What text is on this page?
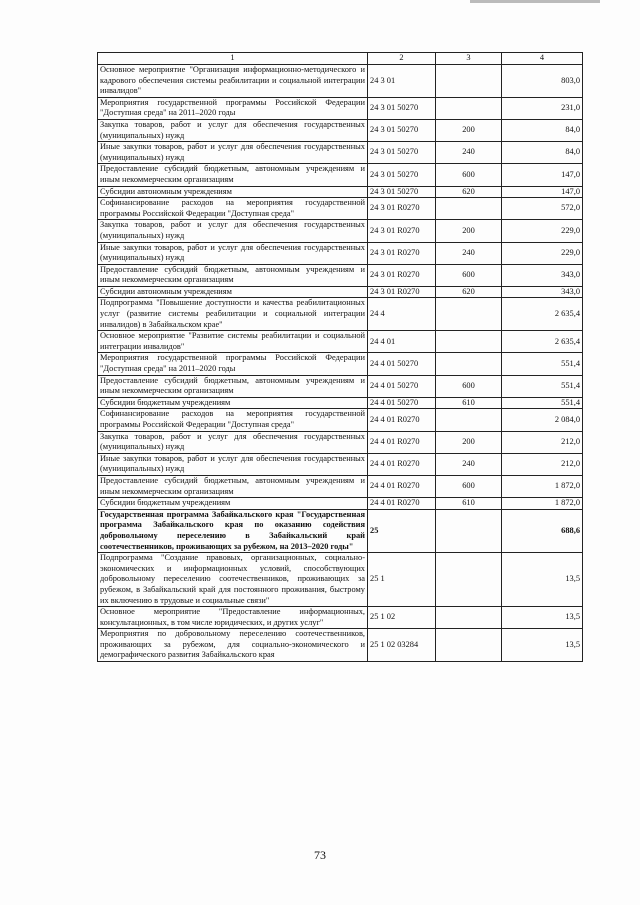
1	2	3	4
Основное мероприятие "Организация информационно-методического и кадрового обеспечения системы реабилитации и социальной интеграции инвалидов"	24 3 01		803,0
Мероприятия государственной программы Российской Федерации "Доступная среда" на 2011–2020 годы	24 3 01 50270		231,0
Закупка товаров, работ и услуг для обеспечения государственных (муниципальных) нужд	24 3 01 50270	200	84,0
Иные закупки товаров, работ и услуг для обеспечения государственных (муниципальных) нужд	24 3 01 50270	240	84,0
Предоставление субсидий бюджетным, автономным учреждениям и иным некоммерческим организациям	24 3 01 50270	600	147,0
Субсидии автономным учреждениям	24 3 01 50270	620	147,0
Софинансирование расходов на мероприятия государственной программы Российской Федерации "Доступная среда"	24 3 01 R0270		572,0
Закупка товаров, работ и услуг для обеспечения государственных (муниципальных) нужд	24 3 01 R0270	200	229,0
Иные закупки товаров, работ и услуг для обеспечения государственных (муниципальных) нужд	24 3 01 R0270	240	229,0
Предоставление субсидий бюджетным, автономным учреждениям и иным некоммерческим организациям	24 3 01 R0270	600	343,0
Субсидии автономным учреждениям	24 3 01 R0270	620	343,0
Подпрограмма "Повышение доступности и качества реабилитационных услуг (развитие системы реабилитации и социальной интеграции инвалидов) в Забайкальском крае"	24 4		2 635,4
Основное мероприятие "Развитие системы реабилитации и социальной интеграции инвалидов"	24 4 01		2 635,4
Мероприятия государственной программы Российской Федерации "Доступная среда" на 2011–2020 годы	24 4 01 50270		551,4
Предоставление субсидий бюджетным, автономным учреждениям и иным некоммерческим организациям	24 4 01 50270	600	551,4
Субсидии бюджетным учреждениям	24 4 01 50270	610	551,4
Софинансирование расходов на мероприятия государственной программы Российской Федерации "Доступная среда"	24 4 01 R0270		2 084,0
Закупка товаров, работ и услуг для обеспечения государственных (муниципальных) нужд	24 4 01 R0270	200	212,0
Иные закупки товаров, работ и услуг для обеспечения государственных (муниципальных) нужд	24 4 01 R0270	240	212,0
Предоставление субсидий бюджетным, автономным учреждениям и иным некоммерческим организациям	24 4 01 R0270	600	1 872,0
Субсидии бюджетным учреждениям	24 4 01 R0270	610	1 872,0
Государственная программа Забайкальского края "Государственная программа Забайкальского края по оказанию содействия добровольному переселению в Забайкальский край соотечественников, проживающих за рубежом, на 2013–2020 годы"	25		688,6
Подпрограмма "Создание правовых, организационных, социально-экономических и информационных условий, способствующих добровольному переселению соотечественников, проживающих за рубежом, в Забайкальский край для постоянного проживания, быстрому их включению в трудовые и социальные связи"	25 1		13,5
Основное мероприятие "Предоставление информационных, консультационных, в том числе юридических, и других услуг"	25 1 02		13,5
Мероприятия по добровольному переселению соотечественников, проживающих за рубежом, для социально-экономического и демографического развития Забайкальского края	25 1 02 03284		13,5
73
